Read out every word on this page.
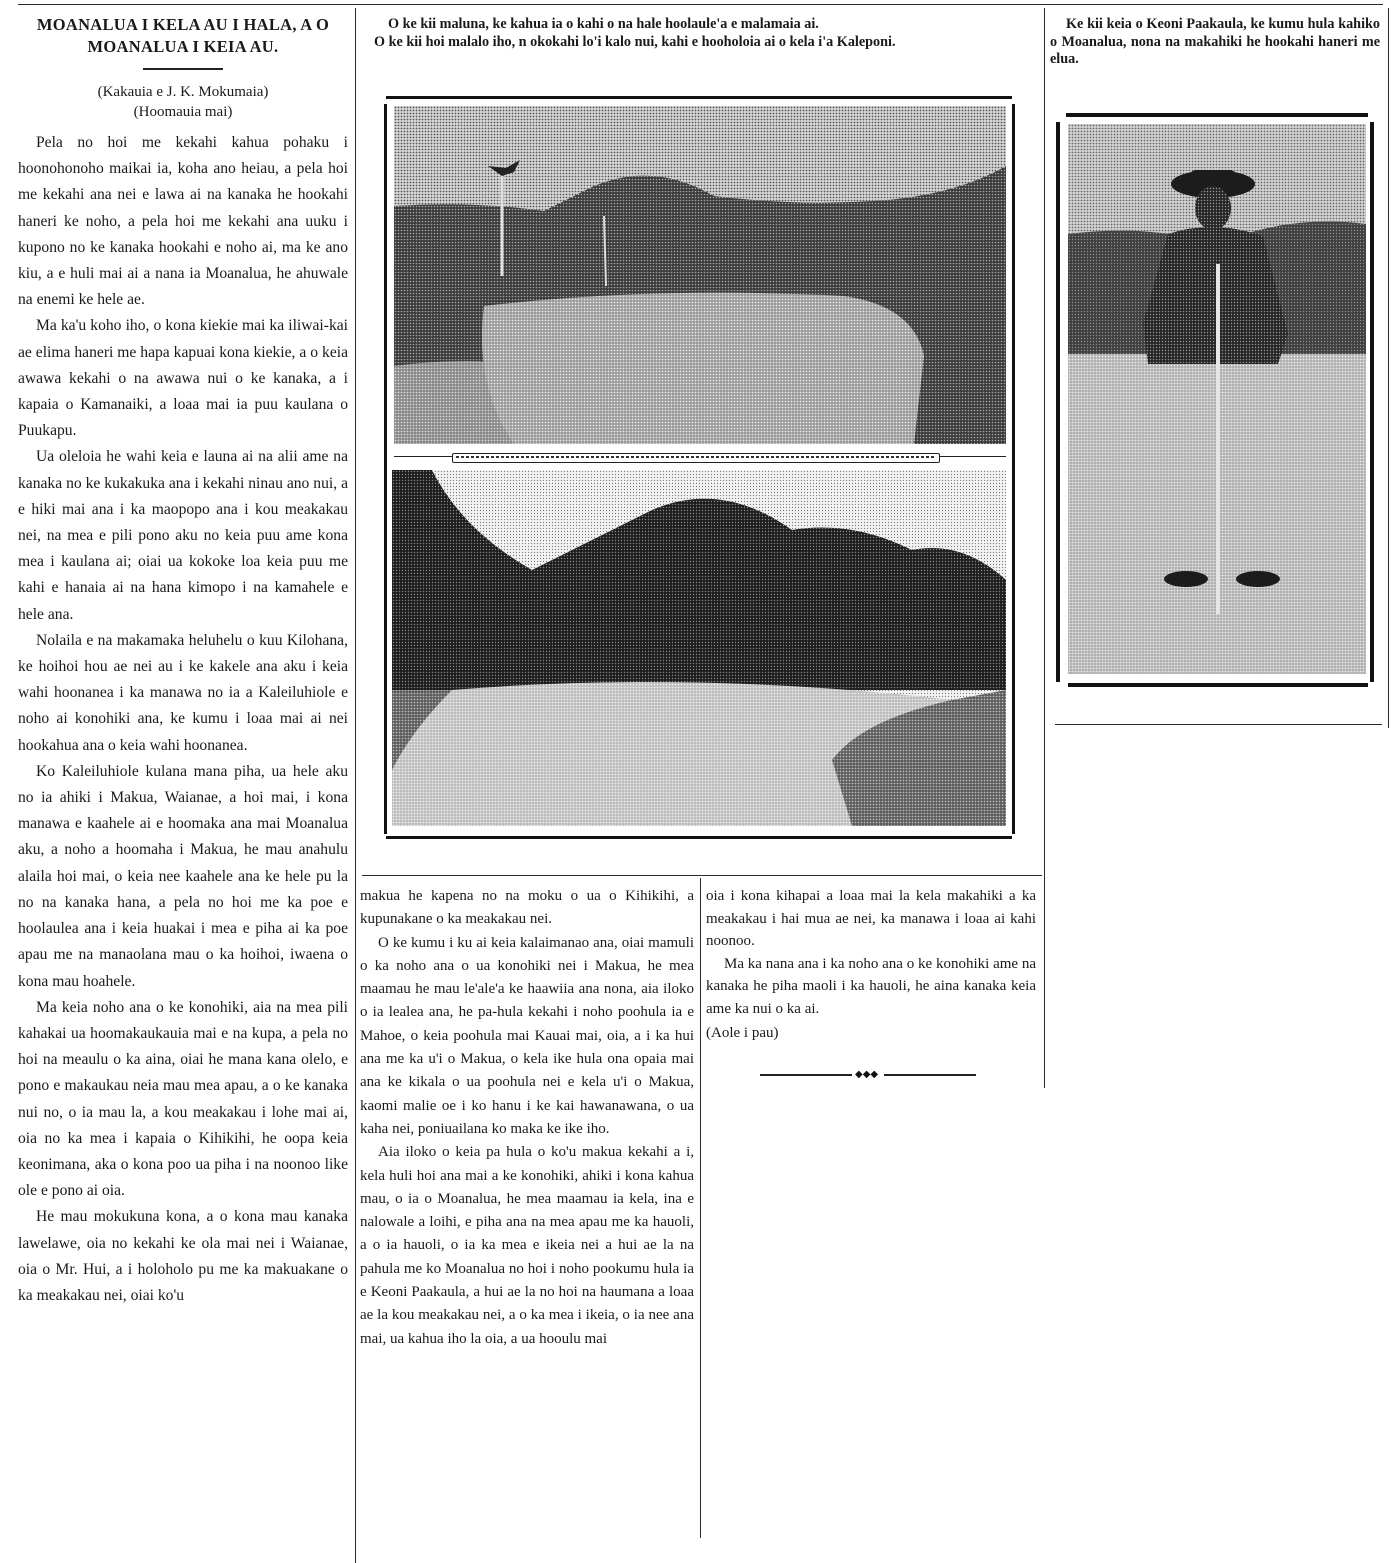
MOANALUA I KELA AU I HALA, A O MOANALUA I KEIA AU.
(Kakauia e J. K. Mokumaia)
(Hoomauia mai)

Pela no hoi me kekahi kahua pohaku i hoonohonoho maikai ia, koha ano heiau, a pela hoi me kekahi ana nei e lawa ai na kanaka he hookahi haneri ke noho, a pela hoi me kekahi ana uuku i kupono no ke kanaka hookahi e noho ai, ma ke ano kiu, a e huli mai ai a nana ia Moanalua, he ahuwale na enemi ke hele ae.

Ma ka'u koho iho, o kona kiekie mai ka iliwai-kai ae elima haneri me hapa kapuai kona kiekie, a o keia awawa kekahi o na awawa nui o ke kanaka, a i kapaia o Kamanaiki, a loaa mai ia puu kaulana o Puukapu.

Ua oleloia he wahi keia e launa ai na alii ame na kanaka no ke kukakuka ana i kekahi ninau ano nui, a e hiki mai ana i ka maopopo ana i kou meakakau nei, na mea e pili pono aku no keia puu ame kona mea i kaulana ai; oiai ua kokoke loa keia puu me kahi e hanaia ai na hana kimopo i na kamahele e hele ana.

Nolaila e na makamaka heluhelu o kuu Kilohana, ke hoihoi hou ae nei au i ke kakele ana aku i keia wahi hoonanea i ka manawa no ia a Kaleiluhiole e noho ai konohiki ana, ke kumu i loaa mai ai nei hookahua ana o keia wahi hoonanea.

Ko Kaleiluhiole kulana mana piha, ua hele aku no ia ahiki i Makua, Waianae, a hoi mai, i kona manawa e kaahele ai e hoomaka ana mai Moanalua aku, a noho a hoomaha i Makua, he mau anahulu alaila hoi mai, o keia nee kaahele ana ke hele pu la no na kanaka hana, a pela no hoi me ka poe e hoolaulea ana i keia huakai i mea e piha ai ka poe apau me na manaolana mau o ka hoihoi, iwaena o kona mau hoahele.

Ma keia noho ana o ke konohiki, aia na mea pili kahakai ua hoomakaukauia mai e na kupa, a pela no hoi na meaulu o ka aina, oiai he mana kana olelo, e pono e makaukau neia mau mea apau, a o ke kanaka nui no, o ia mau la, a kou meakakau i lohe mai ai, oia no ka mea i kapaia o Kihikihi, he oopa keia keonimana, aka o kona poo ua piha i na noonoo like ole e pono ai oia.

He mau mokukuna kona, a o kona mau kanaka lawelawe, oia no kekahi ke ola mai nei i Waianae, oia o Mr. Hui, a i holoholo pu me ka makuakane o ka meakakau nei, oiai ko'u

O ke kii maluna, ke kahua ia o kahi o na hale hoolaule'a e malamaia ai.

O ke kii hoi malalo iho, n okokahi lo'i kalo nui, kahi e hooholoia ai o kela i'a Kaleponi.

Ke kii keia o Keoni Paakaula, ke kumu hula kahiko o Moanalua, nona na makahiki he hookahi haneri me elua.

makua he kapena no na moku o ua o Kihikihi, a kupunakane o ka meakakau nei.

O ke kumu i ku ai keia kalaimanao ana, oiai mamuli o ka noho ana o ua konohiki nei i Makua, he mea maamau he mau le'ale'a ke haawiia ana nona, aia iloko o ia lealea ana, he pa-hula kekahi i noho poohula ia e Mahoe, o keia poohula mai Kauai mai, oia, a i ka hui ana me ka u'i o Makua, o kela ike hula ona opaia mai ana ke kikala o ua poohula nei e kela u'i o Makua, kaomi malie oe i ko hanu i ke kai hawanawana, o ua kaha nei, poniuailana ko maka ke ike iho.

Aia iloko o keia pa hula o ko'u makua kekahi a i, kela huli hoi ana mai a ke konohiki, ahiki i kona kahua mau, o ia o Moanalua, he mea maamau ia kela, ina e nalowale a loihi, e piha ana na mea apau me ka hauoli, a o ia hauoli, o ia ka mea e ikeia nei a hui ae la na pahula me ko Moanalua no hoi i noho pookumu hula ia e Keoni Paakaula, a hui ae la no hoi na haumana a loaa ae la kou meakakau nei, a o ka mea i ikeia, o ia nee ana mai, ua kahua iho la oia, a ua hooulu mai

oia i kona kihapai a loaa mai la kela makahiki a ka meakakau i hai mua ae nei, ka manawa i loaa ai kahi noonoo.

Ma ka nana ana i ka noho ana o ke konohiki ame na kanaka he piha maoli i ka hauoli, he aina kanaka keia ame ka nui o ka ai.

(Aole i pau)
◆◆◆
